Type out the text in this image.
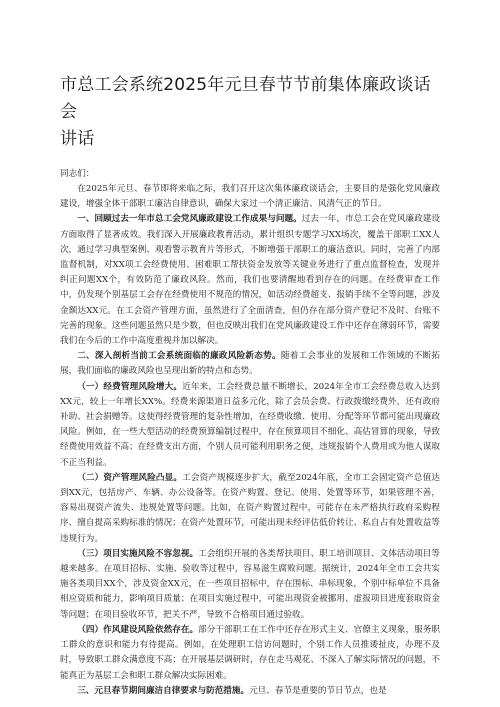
市总工会系统2025年元旦春节节前集体廉政谈话会
讲话

同志们：

在2025年元旦、春节即将来临之际，我们召开这次集体廉政谈话会，主要目的是强化党风廉政建设，增强全体干部职工廉洁自律意识，确保大家过一个清正廉洁、风清气正的节日。

一、回顾过去一年市总工会党风廉政建设工作成果与问题。过去一年，市总工会在党风廉政建设方面取得了显著成效。我们深入开展廉政教育活动，累计组织专题学习XX场次，覆盖干部职工XX人次，通过学习典型案例、观看警示教育片等形式，不断增强干部职工的廉洁意识。同时，完善了内部监督机制，对XX项工会经费使用、困难职工帮扶资金发放等关键业务进行了重点监督检查，发现并纠正问题XX个，有效防范了廉政风险。然而，我们也要清醒地看到存在的问题。在经费审查工作中，仍发现个别基层工会存在经费使用不规范的情况，如活动经费超支、报销手续不全等问题，涉及金额达XX元。在工会资产管理方面，虽然进行了全面清查，但仍存在部分资产登记不及时、台账不完善的现象。这些问题虽然只是少数，但也反映出我们在党风廉政建设工作中还存在薄弱环节，需要我们在今后的工作中高度重视并加以解决。

二、深入剖析当前工会系统面临的廉政风险新态势。随着工会事业的发展和工作领域的不断拓展，我们面临的廉政风险也呈现出新的特点和态势。

（一）经费管理风险增大。近年来，工会经费总量不断增长，2024年全市工会经费总收入达到XX元，较上一年增长XX%。经费来源渠道日益多元化，除了会员会费、行政拨缴经费外，还有政府补助、社会捐赠等。这使得经费管理的复杂性增加，在经费收缴、使用、分配等环节都可能出现廉政风险。例如，在一些大型活动的经费预算编制过程中，存在预算项目不细化、高估冒算的现象，导致经费使用效益不高；在经费支出方面，个别人员可能利用职务之便，违规报销个人费用或为他人谋取不正当利益。

（二）资产管理风险凸显。工会资产规模逐步扩大，截至2024年底，全市工会固定资产总值达到XX元，包括房产、车辆、办公设备等。在资产购置、登记、使用、处置等环节，如果管理不善，容易出现资产流失、违规处置等问题。比如，在资产购置过程中，可能存在未严格执行政府采购程序、擅自提高采购标准的情况；在资产处置环节，可能出现未经评估低价转让、私自占有处置收益等违规行为。

（三）项目实施风险不容忽视。工会组织开展的各类帮扶项目、职工培训项目、文体活动项目等越来越多。在项目招标、实施、验收等过程中，容易滋生腐败问题。据统计，2024年全市工会共实施各类项目XX个，涉及资金XX元，在一些项目招标中，存在围标、串标现象，个别中标单位不具备相应资质和能力，影响项目质量；在项目实施过程中，可能出现资金被挪用、虚报项目进度套取资金等问题；在项目验收环节，把关不严，导致不合格项目通过验收。

（四）作风建设风险依然存在。部分干部职工在工作中还存在形式主义、官僚主义现象，服务职工群众的意识和能力有待提高。例如，在处理职工信访问题时，个别工作人员推诿扯皮，办理不及时，导致职工群众满意度不高；在开展基层调研时，存在走马观花、不深入了解实际情况的问题，不能真正为基层工会和职工群众解决实际困难。

三、元旦春节期间廉洁自律要求与防范措施。元旦、春节是重要的节日节点，也是
